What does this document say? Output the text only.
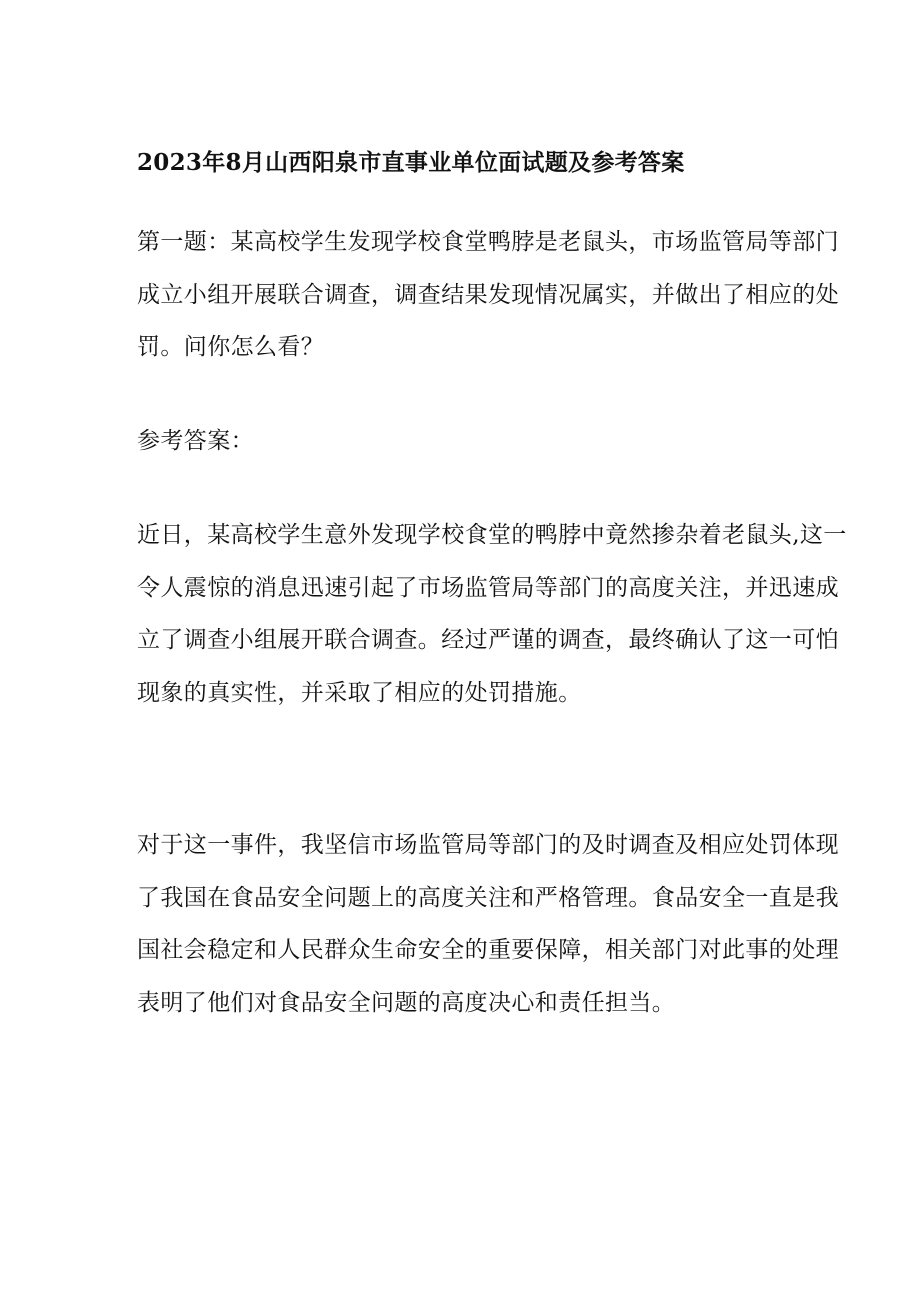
2023年8月山西阳泉市直事业单位面试题及参考答案

第一题：某高校学生发现学校食堂鸭脖是老鼠头，市场监管局等部门
成立小组开展联合调查，调查结果发现情况属实，并做出了相应的处
罚。问你怎么看？

参考答案：

近日，某高校学生意外发现学校食堂的鸭脖中竟然掺杂着老鼠头,这一
令人震惊的消息迅速引起了市场监管局等部门的高度关注，并迅速成
立了调查小组展开联合调查。经过严谨的调查，最终确认了这一可怕
现象的真实性，并采取了相应的处罚措施。

对于这一事件，我坚信市场监管局等部门的及时调查及相应处罚体现
了我国在食品安全问题上的高度关注和严格管理。食品安全一直是我
国社会稳定和人民群众生命安全的重要保障，相关部门对此事的处理
表明了他们对食品安全问题的高度决心和责任担当。
